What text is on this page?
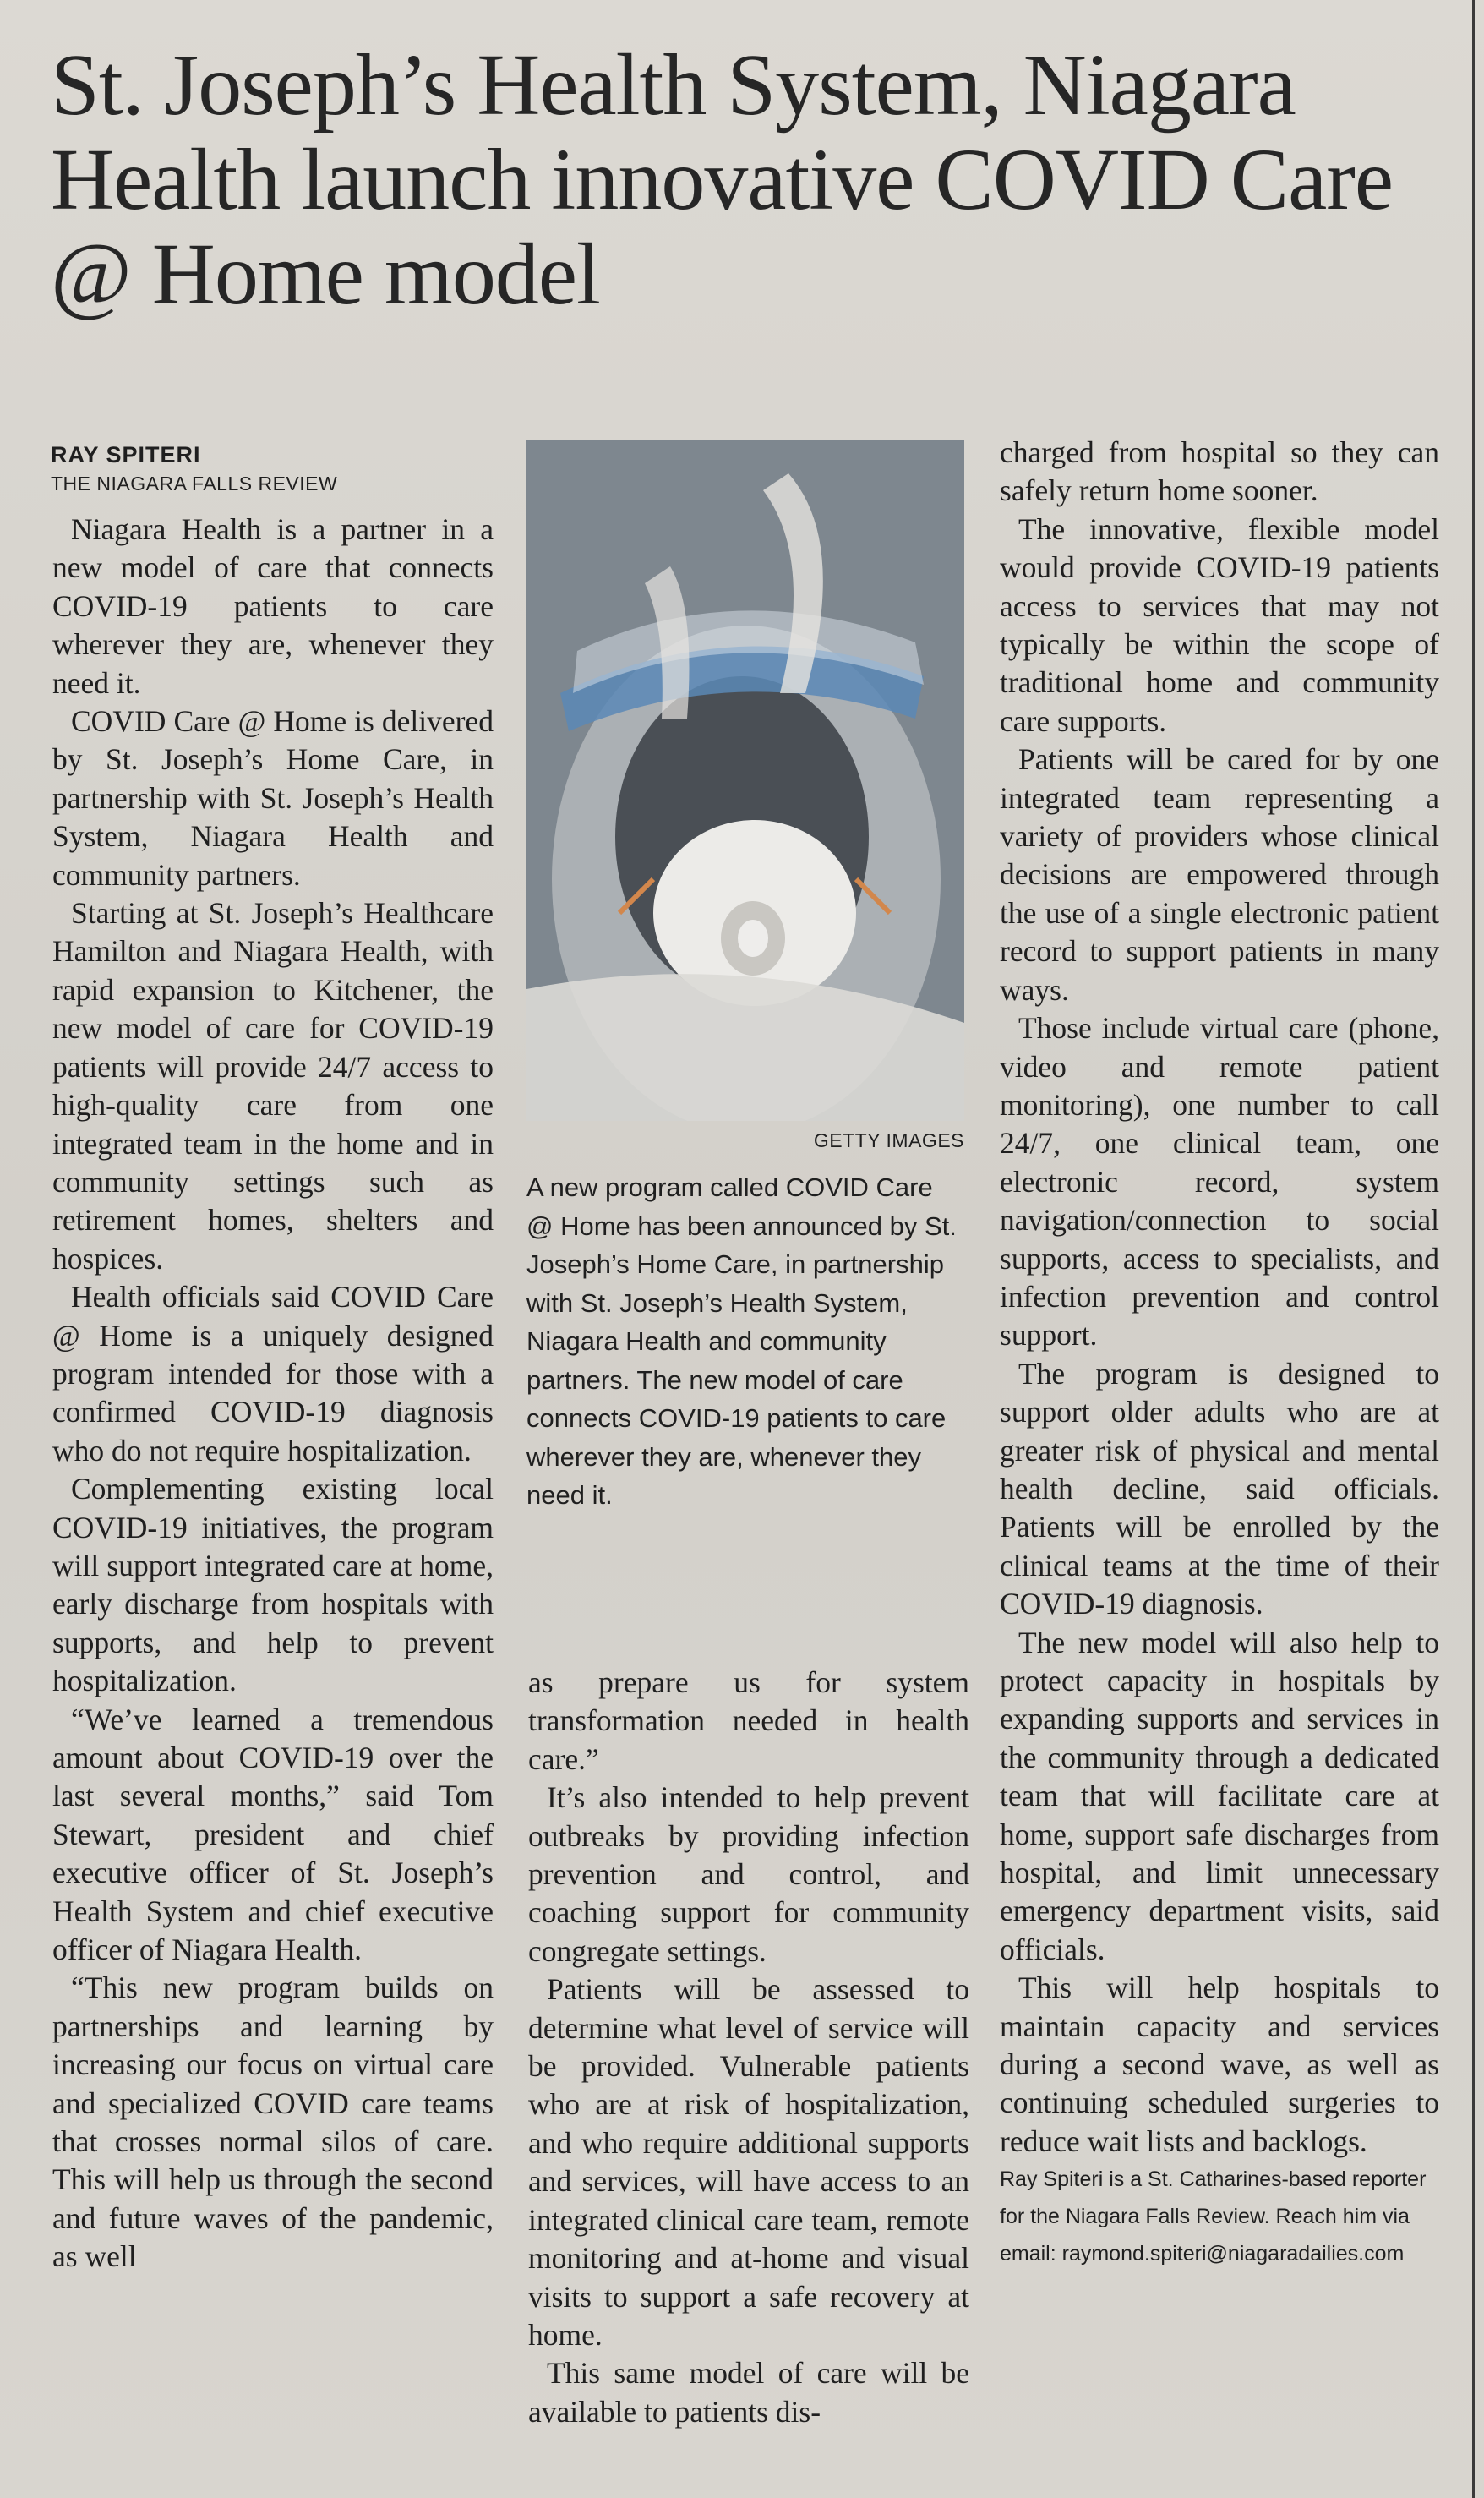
St. Joseph’s Health System, Niagara Health launch innovative COVID Care @ Home model
RAY SPITERI
THE NIAGARA FALLS REVIEW

Niagara Health is a partner in a new model of care that connects COVID-19 patients to care wherever they are, whenever they need it.

COVID Care @ Home is delivered by St. Joseph’s Home Care, in partnership with St. Joseph’s Health System, Niagara Health and community partners.

Starting at St. Joseph’s Healthcare Hamilton and Niagara Health, with rapid expansion to Kitchener, the new model of care for COVID-19 patients will provide 24/7 access to high-quality care from one integrated team in the home and in community settings such as retirement homes, shelters and hospices.

Health officials said COVID Care @ Home is a uniquely designed program intended for those with a confirmed COVID-19 diagnosis who do not require hospitalization.

Complementing existing local COVID-19 initiatives, the program will support integrated care at home, early discharge from hospitals with supports, and help to prevent hospitalization.

“We’ve learned a tremendous amount about COVID-19 over the last several months,” said Tom Stewart, president and chief executive officer of St. Joseph’s Health System and chief executive officer of Niagara Health.

“This new program builds on partnerships and learning by increasing our focus on virtual care and specialized COVID care teams that crosses normal silos of care. This will help us through the second and future waves of the pandemic, as well

GETTY IMAGES

A new program called COVID Care @ Home has been announced by St. Joseph’s Home Care, in partnership with St. Joseph’s Health System, Niagara Health and community partners. The new model of care connects COVID-19 patients to care wherever they are, whenever they need it.

as prepare us for system transformation needed in health care.”

It’s also intended to help prevent outbreaks by providing infection prevention and control, and coaching support for community congregate settings.

Patients will be assessed to determine what level of service will be provided. Vulnerable patients who are at risk of hospitalization, and who require additional supports and services, will have access to an integrated clinical care team, remote monitoring and at-home and visual visits to support a safe recovery at home.

This same model of care will be available to patients dis-

charged from hospital so they can safely return home sooner.

The innovative, flexible model would provide COVID-19 patients access to services that may not typically be within the scope of traditional home and community care supports.

Patients will be cared for by one integrated team representing a variety of providers whose clinical decisions are empowered through the use of a single electronic patient record to support patients in many ways.

Those include virtual care (phone, video and remote patient monitoring), one number to call 24/7, one clinical team, one electronic record, system navigation/connection to social supports, access to specialists, and infection prevention and control support.

The program is designed to support older adults who are at greater risk of physical and mental health decline, said officials. Patients will be enrolled by the clinical teams at the time of their COVID-19 diagnosis.

The new model will also help to protect capacity in hospitals by expanding supports and services in the community through a dedicated team that will facilitate care at home, support safe discharges from hospital, and limit unnecessary emergency department visits, said officials.

This will help hospitals to maintain capacity and services during a second wave, as well as continuing scheduled surgeries to reduce wait lists and backlogs.

Ray Spiteri is a St. Catharines-based reporter for the Niagara Falls Review. Reach him via email: raymond.spiteri@niagaradailies.com
